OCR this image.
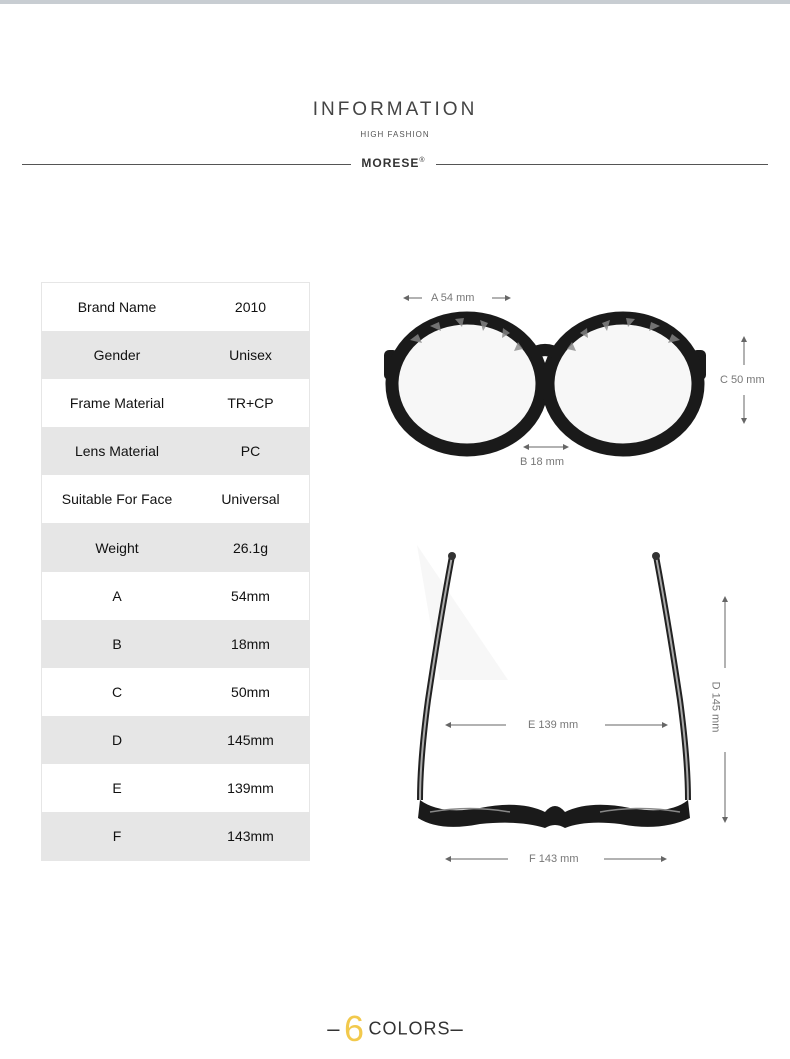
INFORMATION
HIGH FASHION
MORESE®
Brand Name	2010
Gender	Unisex
Frame Material	TR+CP
Lens Material	PC
Suitable For Face	Universal
Weight	26.1g
A	54mm
B	18mm
C	50mm
D	145mm
E	139mm
F	143mm
A 54 mm
B 18 mm
C 50 mm
D 145 mm
E 139 mm
F 143 mm
– 6 COLORS–
